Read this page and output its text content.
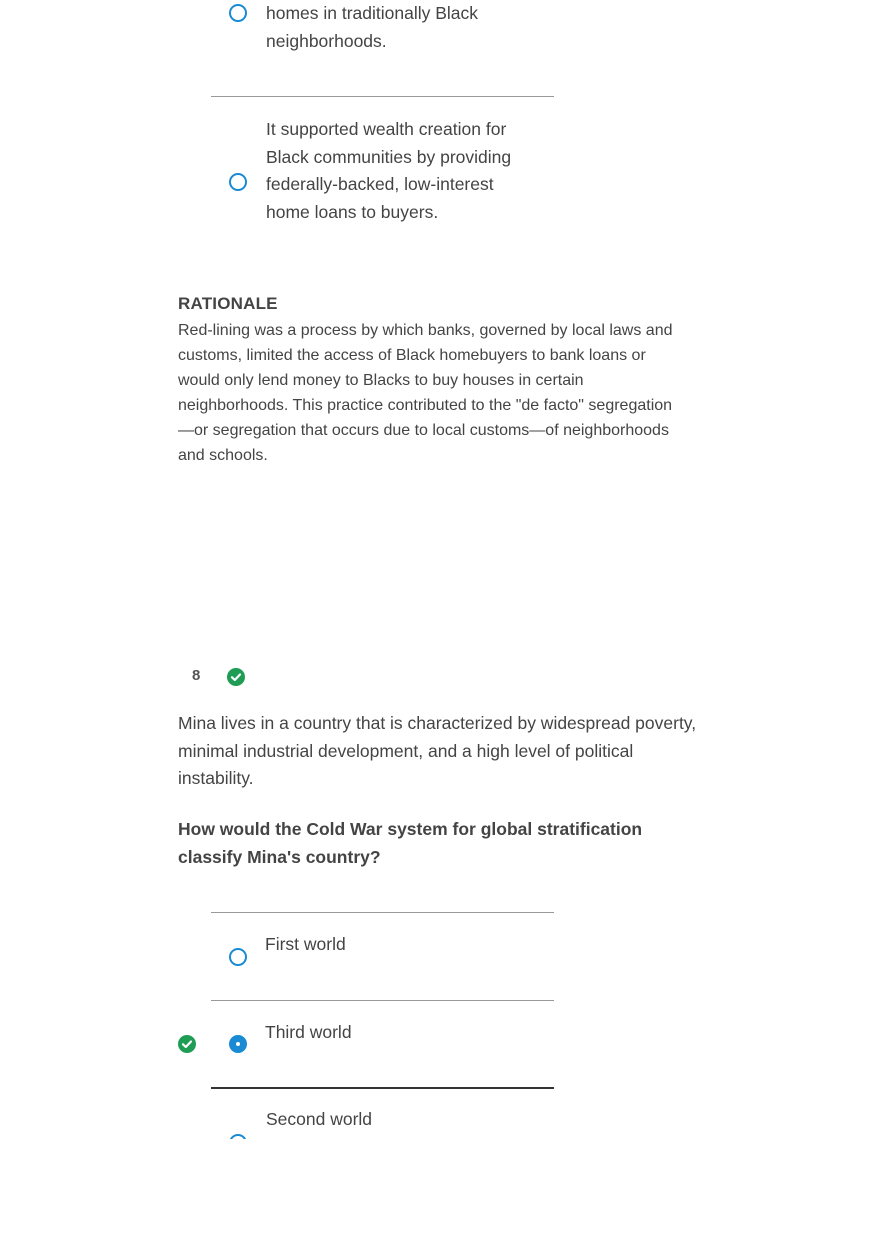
homes in traditionally Black
neighborhoods.
It supported wealth creation for
Black communities by providing
federally-backed, low-interest
home loans to buyers.
RATIONALE
Red-lining was a process by which banks, governed by local laws and customs, limited the access of Black homebuyers to bank loans or would only lend money to Blacks to buy houses in certain neighborhoods. This practice contributed to the "de facto" segregation—or segregation that occurs due to local customs—of neighborhoods and schools.
8
Mina lives in a country that is characterized by widespread poverty, minimal industrial development, and a high level of political instability.
How would the Cold War system for global stratification classify Mina's country?
First world
Third world
Second world
